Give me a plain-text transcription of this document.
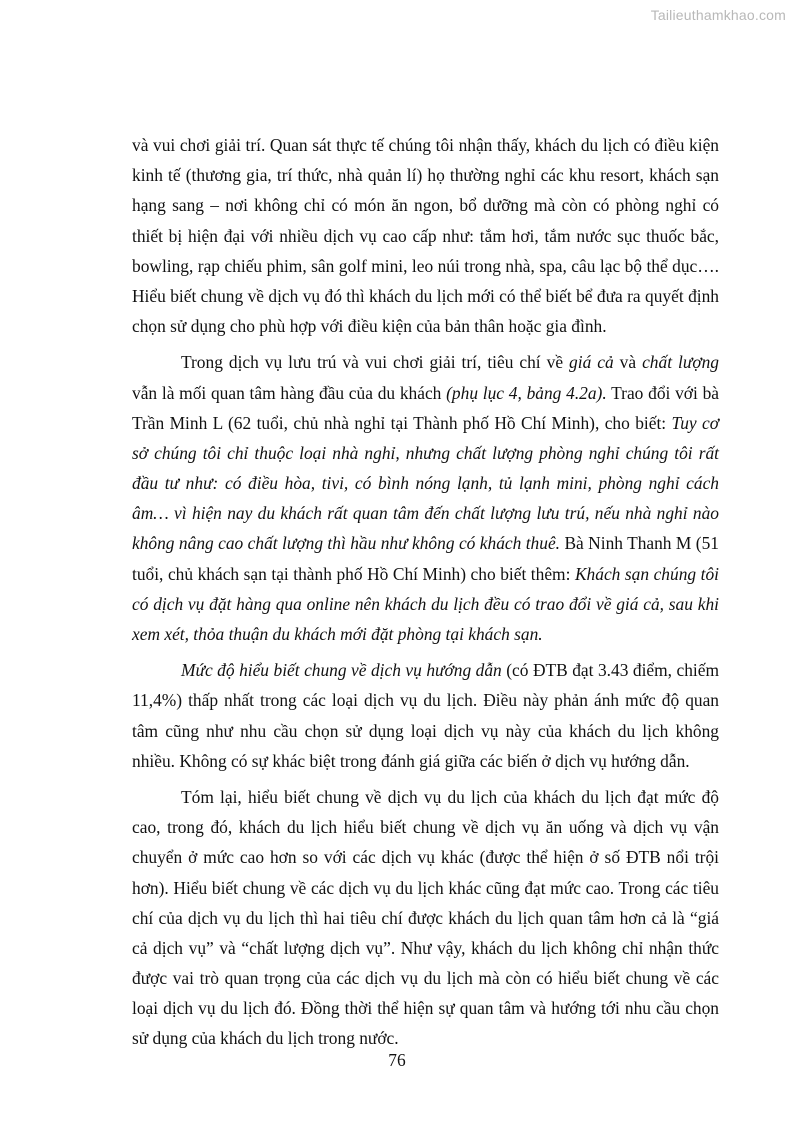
Tailieuthamkhao.com
và vui chơi giải trí. Quan sát thực tế chúng tôi nhận thấy, khách du lịch có điều kiện
kinh tế (thương gia, trí thức, nhà quản lí) họ thường nghỉ các khu resort, khách sạn
hạng sang – nơi không chỉ có món ăn ngon, bổ dưỡng mà còn có phòng nghỉ có
thiết bị hiện đại với nhiều dịch vụ cao cấp như: tắm hơi, tắm nước sục thuốc bắc,
bowling, rạp chiếu phim, sân golf mini, leo núi trong nhà, spa, câu lạc bộ thể dục….
Hiểu biết chung về dịch vụ đó thì khách du lịch mới có thể biết bể đưa ra quyết định
chọn sử dụng cho phù hợp với điều kiện của bản thân hoặc gia đình.
Trong dịch vụ lưu trú và vui chơi giải trí, tiêu chí về giá cả và chất lượng
vẫn là mối quan tâm hàng đầu của du khách (phụ lục 4, bảng 4.2a). Trao đổi với bà
Trần Minh L (62 tuổi, chủ nhà nghỉ tại Thành phố Hồ Chí Minh), cho biết: Tuy cơ
sở chúng tôi chỉ thuộc loại nhà nghỉ, nhưng chất lượng phòng nghỉ chúng tôi rất
đầu tư như: có điều hòa, tivi, có bình nóng lạnh, tủ lạnh mini, phòng nghỉ cách
âm… vì hiện nay du khách rất quan tâm đến chất lượng lưu trú, nếu nhà nghỉ nào
không nâng cao chất lượng thì hầu như không có khách thuê. Bà Ninh Thanh M (51
tuổi, chủ khách sạn tại thành phố Hồ Chí Minh) cho biết thêm: Khách sạn chúng tôi
có dịch vụ đặt hàng qua online nên khách du lịch đều có trao đổi về giá cả, sau khi
xem xét, thỏa thuận du khách mới đặt phòng tại khách sạn.
Mức độ hiểu biết chung về dịch vụ hướng dẫn (có ĐTB đạt 3.43 điểm, chiếm
11,4%) thấp nhất trong các loại dịch vụ du lịch. Điều này phản ánh mức độ quan
tâm cũng như nhu cầu chọn sử dụng loại dịch vụ này của khách du lịch không
nhiều. Không có sự khác biệt trong đánh giá giữa các biến ở dịch vụ hướng dẫn.
Tóm lại, hiểu biết chung về dịch vụ du lịch của khách du lịch đạt mức độ
cao, trong đó, khách du lịch hiểu biết chung về dịch vụ ăn uống và dịch vụ vận
chuyển ở mức cao hơn so với các dịch vụ khác (được thể hiện ở số ĐTB nổi trội
hơn). Hiểu biết chung về các dịch vụ du lịch khác cũng đạt mức cao. Trong các tiêu
chí của dịch vụ du lịch thì hai tiêu chí được khách du lịch quan tâm hơn cả là “giá
cả dịch vụ” và “chất lượng dịch vụ”. Như vậy, khách du lịch không chỉ nhận thức
được vai trò quan trọng của các dịch vụ du lịch mà còn có hiểu biết chung về các
loại dịch vụ du lịch đó. Đồng thời thể hiện sự quan tâm và hướng tới nhu cầu chọn
sử dụng của khách du lịch trong nước.
76
